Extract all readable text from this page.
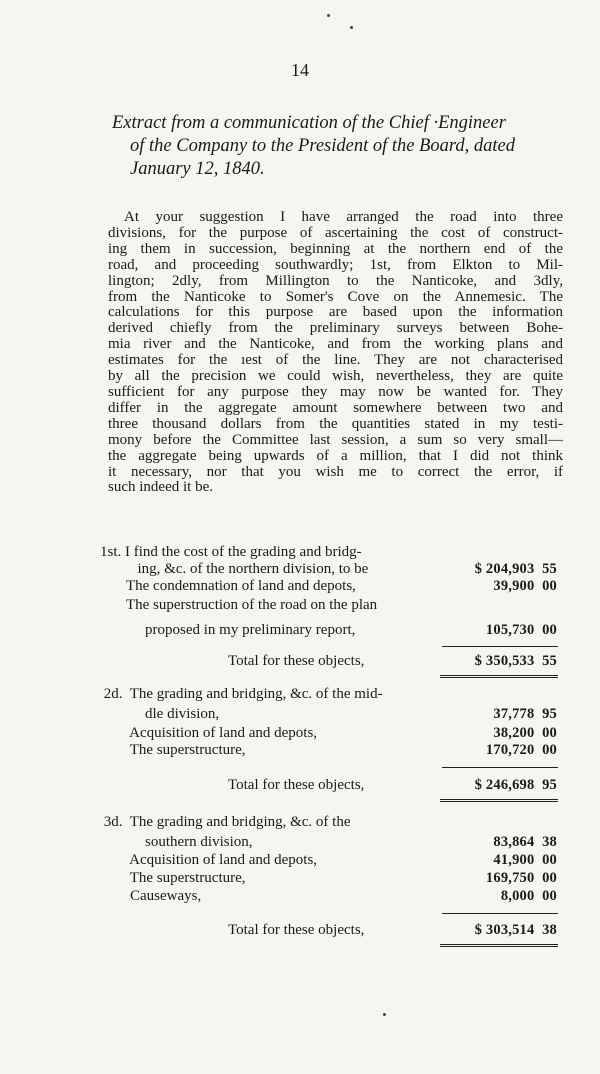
14
Extract from a communication of the Chief ·Engineer
of the Company to the President of the Board, dated
January 12, 1840.
At your suggestion I have arranged the road into three
divisions, for the purpose of ascertaining the cost of construct-
ing them in succession, beginning at the northern end of the
road, and proceeding southwardly; 1st, from Elkton to Mil-
lington; 2dly, from Millington to the Nanticoke, and 3dly,
from the Nanticoke to Somer's Cove on the Annemesic. The
calculations for this purpose are based upon the information
derived chiefly from the preliminary surveys between Bohe-
mia river and the Nanticoke, and from the working plans and
estimates for the ıest of the line. They are not characterised
by all the precision we could wish, nevertheless, they are quite
sufficient for any purpose they may now be wanted for. They
differ in the aggregate amount somewhere between two and
three thousand dollars from the quantities stated in my testi-
mony before the Committee last session, a sum so very small—
the aggregate being upwards of a million, that I did not think
it necessary, nor that you wish me to correct the error, if
such indeed it be.
1st. I find the cost of the grading and bridg-
ing, &c. of the northern division, to be	$ 204,903  55
The condemnation of land and depots,	39,900  00
The superstruction of the road on the plan
proposed in my preliminary report,	105,730  00
Total for these objects,	$ 350,533  55
2d.  The grading and bridging, &c. of the mid-
dle division,	37,778  95
Acquisition of land and depots,	38,200  00
The superstructure,	170,720  00
Total for these objects,	$ 246,698  95
3d.  The grading and bridging, &c. of the
southern division,	83,864  38
Acquisition of land and depots,	41,900  00
The superstructure,	169,750  00
Causeways,	8,000  00
Total for these objects,	$ 303,514  38
